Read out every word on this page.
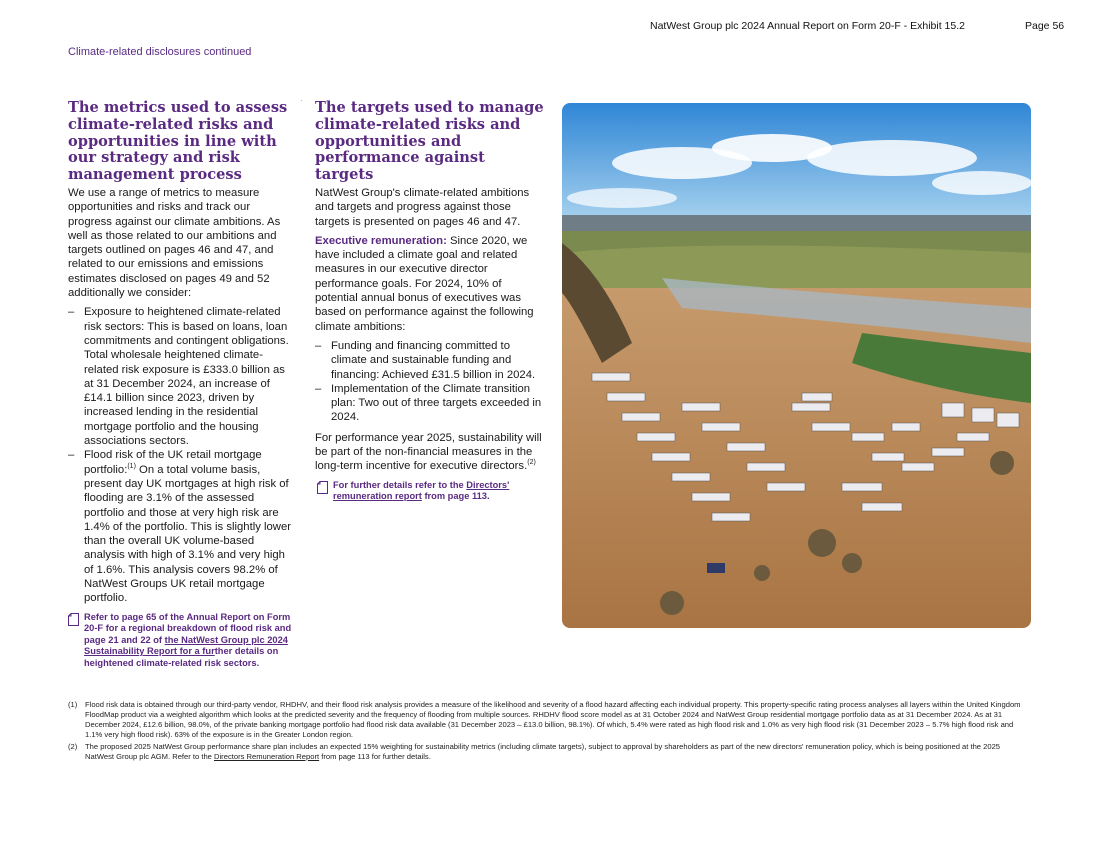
NatWest Group plc 2024 Annual Report on Form 20-F - Exhibit 15.2	Page 56
Climate-related disclosures continued
·
The metrics used to assess climate-related risks and opportunities in line with our strategy and risk management process

We use a range of metrics to measure opportunities and risks and track our progress against our climate ambitions. As well as those related to our ambitions and targets outlined on pages 46 and 47, and related to our emissions and emissions estimates disclosed on pages 49 and 52 additionally we consider:

– Exposure to heightened climate-related risk sectors: This is based on loans, loan commitments and contingent obligations. Total wholesale heightened climate-related risk exposure is £333.0 billion as at 31 December 2024, an increase of £14.1 billion since 2023, driven by increased lending in the residential mortgage portfolio and the housing associations sectors.
– Flood risk of the UK retail mortgage portfolio:$^{(1)}$ On a total volume basis, present day UK mortgages at high risk of flooding are 3.1% of the assessed portfolio and those at very high risk are 1.4% of the portfolio. This is slightly lower than the overall UK volume-based analysis with high of 3.1% and very high of 1.6%. This analysis covers 98.2% of NatWest Groups UK retail mortgage portfolio.
Refer to page 65 of the Annual Report on Form 20-F for a regional breakdown of flood risk and page 21 and 22 of the NatWest Group plc 2024 Sustainability Report for a further details on heightened climate-related risk sectors.
The targets used to manage climate-related risks and opportunities and performance against targets

NatWest Group's climate-related ambitions and targets and progress against those targets is presented on pages 46 and 47.

Executive remuneration: Since 2020, we have included a climate goal and related measures in our executive director performance goals. For 2024, 10% of potential annual bonus of executives was based on performance against the following climate ambitions:

– Funding and financing committed to climate and sustainable funding and financing: Achieved £31.5 billion in 2024.
– Implementation of the Climate transition plan: Two out of three targets exceeded in 2024.

For performance year 2025, sustainability will be part of the non-financial measures in the long-term incentive for executive directors.$^{(2)}$

For further details refer to the Directors' remuneration report from page 113.
(1) Flood risk data is obtained through our third-party vendor, RHDHV, and their flood risk analysis provides a measure of the likelihood and severity of a flood hazard affecting each individual property. This property-specific rating process analyses all layers within the United Kingdom FloodMap product via a weighted algorithm which looks at the predicted severity and the frequency of flooding from multiple sources. RHDHV flood score model as at 31 October 2024 and NatWest Group residential mortgage portfolio data as at 31 December 2024. As at 31 December 2024, £12.6 billion, 98.0%, of the private banking mortgage portfolio had flood risk data available (31 December 2023 – £13.0 billion, 98.1%). Of which, 5.4% were rated as high flood risk and 1.0% as very high flood risk (31 December 2023 – 5.7% high flood risk and 1.1% very high flood risk). 63% of the exposure is in the Greater London region.
(2) The proposed 2025 NatWest Group performance share plan includes an expected 15% weighting for sustainability metrics (including climate targets), subject to approval by shareholders as part of the new directors' remuneration policy, which is being positioned at the 2025 NatWest Group plc AGM. Refer to the Directors Remuneration Report from page 113 for further details.
